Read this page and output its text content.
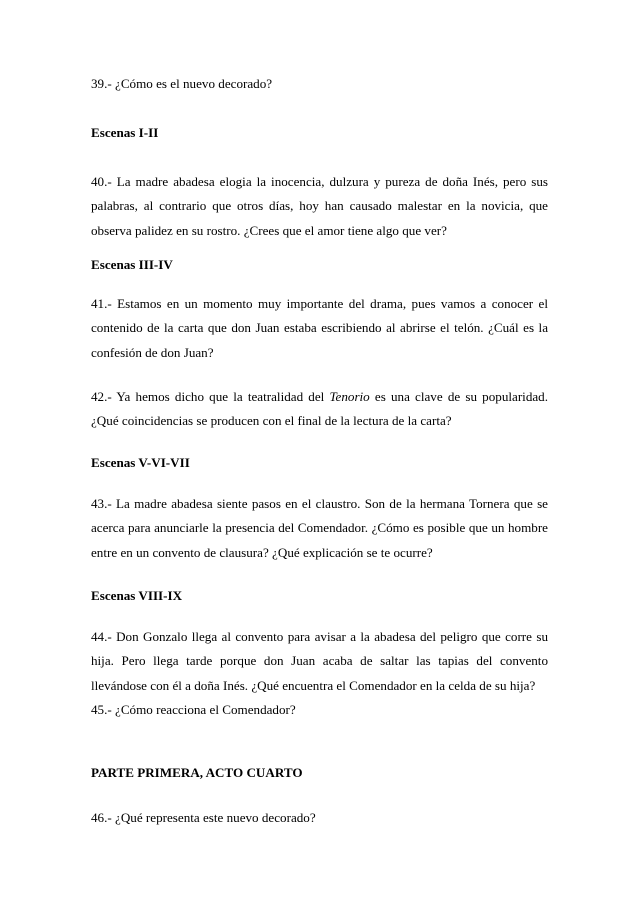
39.- ¿Cómo es el nuevo decorado?

Escenas I-II

40.- La madre abadesa elogia la inocencia, dulzura y pureza de doña Inés, pero sus palabras, al contrario que otros días, hoy han causado malestar en la novicia, que observa palidez en su rostro. ¿Crees que el amor tiene algo que ver?

Escenas III-IV

41.- Estamos en un momento muy importante del drama, pues vamos a conocer el contenido de la carta que don Juan estaba escribiendo al abrirse el telón. ¿Cuál es la confesión de don Juan?

42.- Ya hemos dicho que la teatralidad del Tenorio es una clave de su popularidad. ¿Qué coincidencias se producen con el final de la lectura de la carta?

Escenas V-VI-VII

43.- La madre abadesa siente pasos en el claustro. Son de la hermana Tornera que se acerca para anunciarle la presencia del Comendador. ¿Cómo es posible que un hombre entre en un convento de clausura? ¿Qué explicación se te ocurre?

Escenas VIII-IX

44.- Don Gonzalo llega al convento para avisar a la abadesa del peligro que corre su hija. Pero llega tarde porque don Juan acaba de saltar las tapias del convento llevándose con él a doña Inés. ¿Qué encuentra el Comendador en la celda de su hija?

45.- ¿Cómo reacciona el Comendador?

PARTE PRIMERA, ACTO CUARTO

46.- ¿Qué representa este nuevo decorado?
